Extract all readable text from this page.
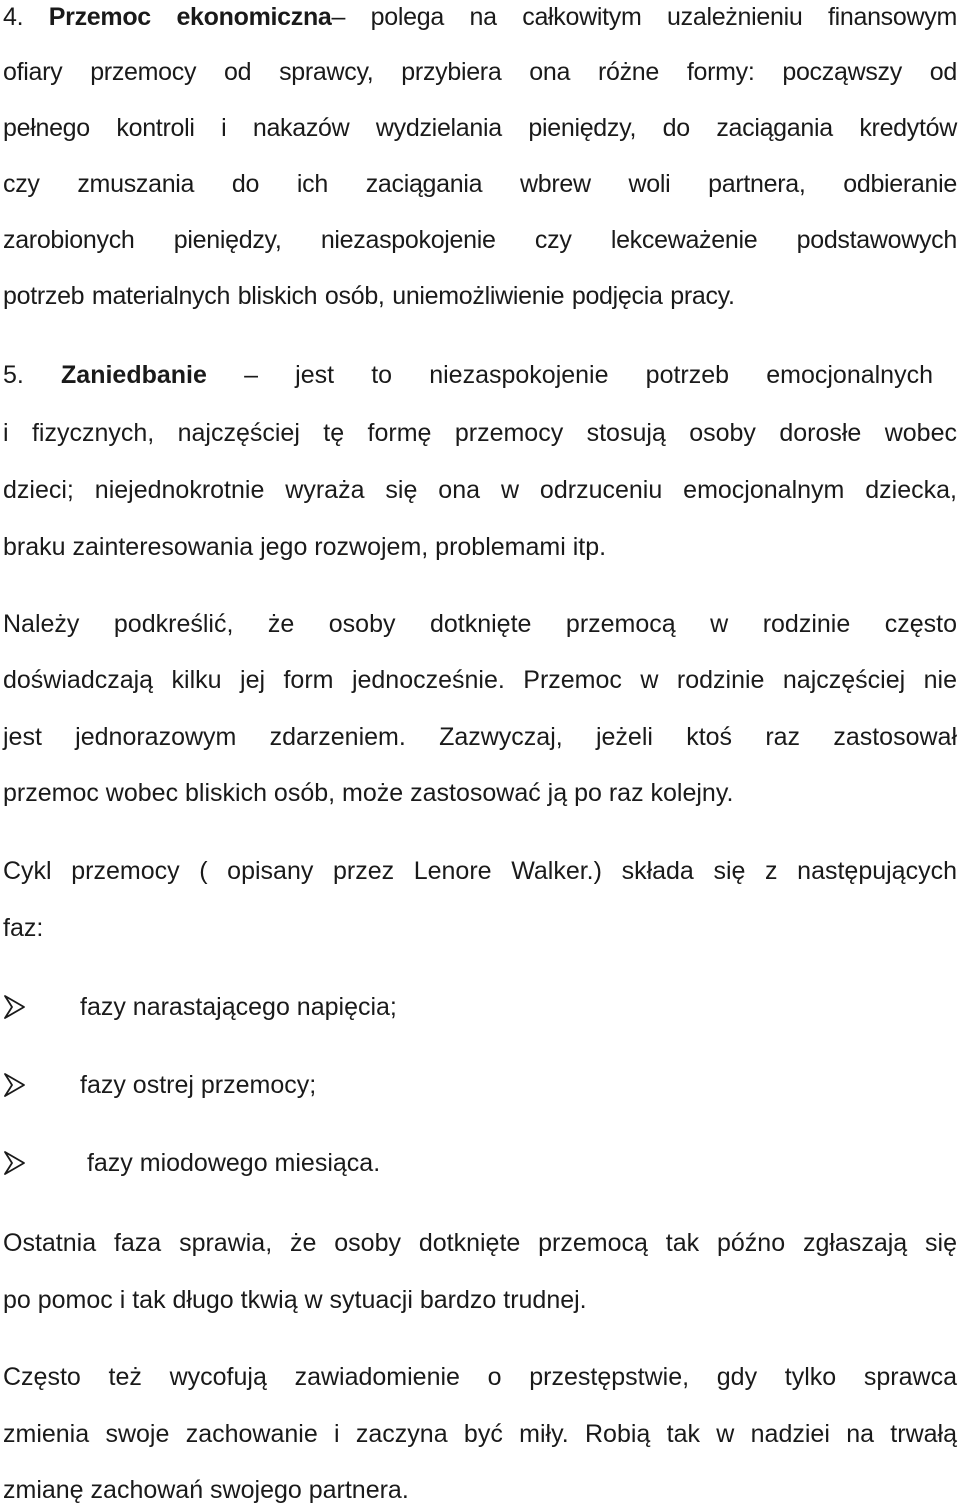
4. Przemoc ekonomiczna– polega na całkowitym uzależnieniu finansowym
ofiary przemocy od sprawcy, przybiera ona różne formy: począwszy od
pełnego kontroli i nakazów wydzielania pieniędzy, do zaciągania kredytów
czy zmuszania do ich zaciągania wbrew woli partnera, odbieranie
zarobionych pieniędzy, niezaspokojenie czy lekceważenie podstawowych
potrzeb materialnych bliskich osób, uniemożliwienie podjęcia pracy.
5. Zaniedbanie – jest to niezaspokojenie potrzeb emocjonalnych
i fizycznych, najczęściej tę formę przemocy stosują osoby dorosłe wobec
dzieci; niejednokrotnie wyraża się ona w odrzuceniu emocjonalnym dziecka,
braku zainteresowania jego rozwojem, problemami itp.
Należy podkreślić, że osoby dotknięte przemocą w rodzinie często
doświadczają kilku jej form jednocześnie. Przemoc w rodzinie najczęściej nie
jest jednorazowym zdarzeniem. Zazwyczaj, jeżeli ktoś raz zastosował
przemoc wobec bliskich osób, może zastosować ją po raz kolejny.
Cykl przemocy ( opisany przez Lenore Walker.) składa się z następujących
faz:
fazy narastającego napięcia;
fazy ostrej przemocy;
fazy miodowego miesiąca.
Ostatnia faza sprawia, że osoby dotknięte przemocą tak późno zgłaszają się
po pomoc i tak długo tkwią w sytuacji bardzo trudnej.
Często też wycofują zawiadomienie o przestępstwie, gdy tylko sprawca
zmienia swoje zachowanie i zaczyna być miły. Robią tak w nadziei na trwałą
zmianę zachowań swojego partnera.
